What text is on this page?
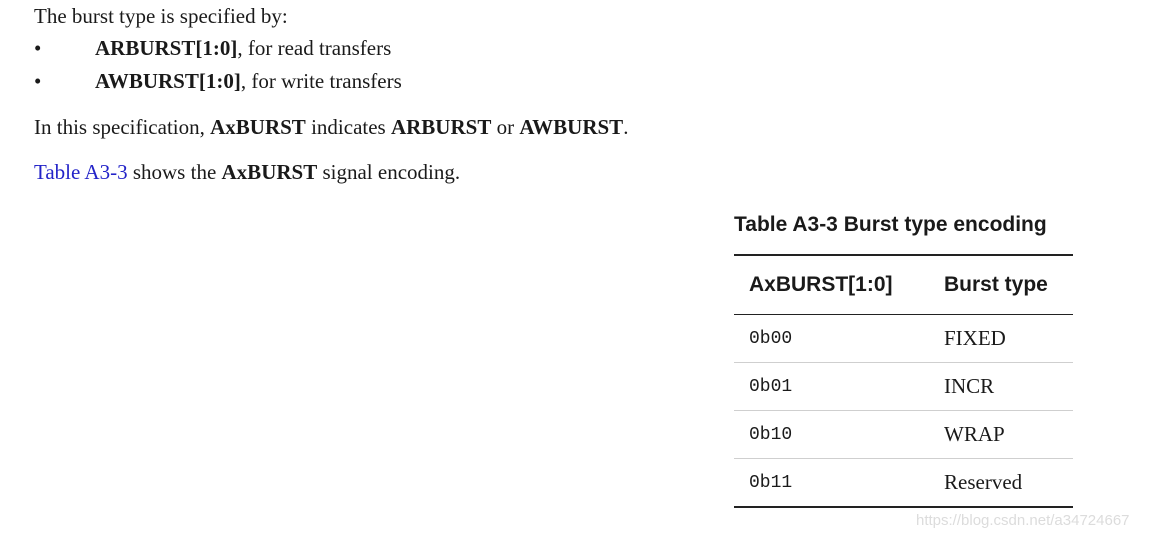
The burst type is specified by:
•	ARBURST[1:0], for read transfers
•	AWBURST[1:0], for write transfers
In this specification, AxBURST indicates ARBURST or AWBURST.
Table A3-3 shows the AxBURST signal encoding.
Table A3-3 Burst type encoding
AxBURST[1:0]	Burst type
0b00	FIXED
0b01	INCR
0b10	WRAP
0b11	Reserved
https://blog.csdn.net/a34724667
